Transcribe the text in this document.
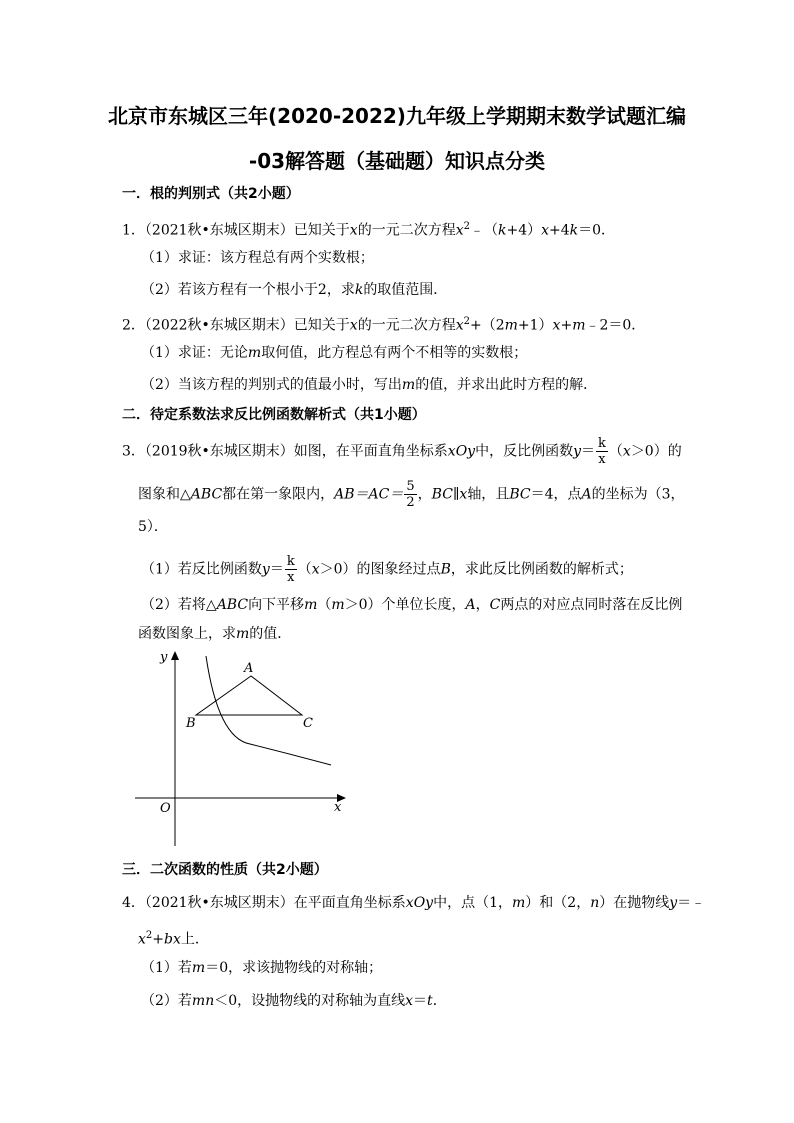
北京市东城区三年(2020-2022)九年级上学期期末数学试题汇编
-03解答题（基础题）知识点分类
一．根的判别式（共2小题）
1．（2021秋•东城区期末）已知关于x的一元二次方程$x^2﹣(k+4)x+4k=0$．
（1）求证：该方程总有两个实数根；
（2）若该方程有一个根小于2，求k的取值范围．
2．（2022秋•东城区期末）已知关于x的一元二次方程$x^2+(2m+1)x+m﹣2=0$．
（1）求证：无论m取何值，此方程总有两个不相等的实数根；
（2）当该方程的判别式的值最小时，写出m的值，并求出此时方程的解．
二．待定系数法求反比例函数解析式（共1小题）
3．（2019秋•东城区期末）如图，在平面直角坐标系xOy中，反比例函数$y= \frac{k}{x} (x>0)$的
图象和△ABC都在第一象限内，$AB=AC= \frac{5}{2}$ ，BC∥x轴，且BC＝4，点A的坐标为（3，
5）．
（1）若反比例函数$y= \frac{k}{x} (x>0)$的图象经过点B，求此反比例函数的解析式；
（2）若将△ABC向下平移m（m＞0）个单位长度，A，C两点的对应点同时落在反比例
函数图象上，求m的值．
y
x
O
A
B	C
三．二次函数的性质（共2小题）
4．（2021秋•东城区期末）在平面直角坐标系xOy中，点（1，m）和（2，n）在抛物线y＝﹣
$x^2+bx$上．
（1）若m＝0，求该抛物线的对称轴；
（2）若mn＜0，设抛物线的对称轴为直线x＝t．
